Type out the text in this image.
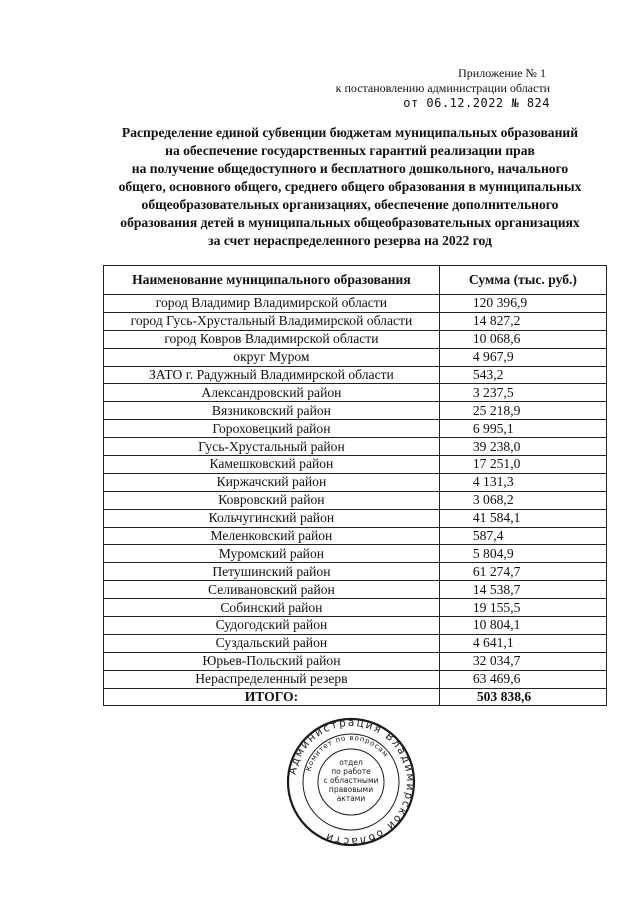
Приложение № 1
к постановлению администрации области
от 06.12.2022 № 824
Распределение единой субвенции бюджетам муниципальных образований
на обеспечение государственных гарантий реализации прав
на получение общедоступного и бесплатного дошкольного, начального
общего, основного общего, среднего общего образования в муниципальных
общеобразовательных организациях, обеспечение дополнительного
образования детей в муниципальных общеобразовательных организациях
за счет нераспределенного резерва на 2022 год
Наименование муниципального образования	Сумма (тыс. руб.)
город Владимир Владимирской области	120 396,9
город Гусь-Хрустальный Владимирской области	14 827,2
город Ковров Владимирской области	10 068,6
округ Муром	4 967,9
ЗАТО г. Радужный Владимирской области	543,2
Александровский район	3 237,5
Вязниковский район	25 218,9
Гороховецкий район	6 995,1
Гусь-Хрустальный район	39 238,0
Камешковский район	17 251,0
Киржачский район	4 131,3
Ковровский район	3 068,2
Кольчугинский район	41 584,1
Меленковский район	587,4
Муромский район	5 804,9
Петушинский район	61 274,7
Селивановский район	14 538,7
Собинский район	19 155,5
Судогодский район	10 804,1
Суздальский район	4 641,1
Юрьев-Польский район	32 034,7
Нераспределенный резерв	63 469,6
ИТОГО:	503 838,6
Администрация Владимирской области
Комитет по вопросам
отдел
по работе
с областными
правовыми
актами
